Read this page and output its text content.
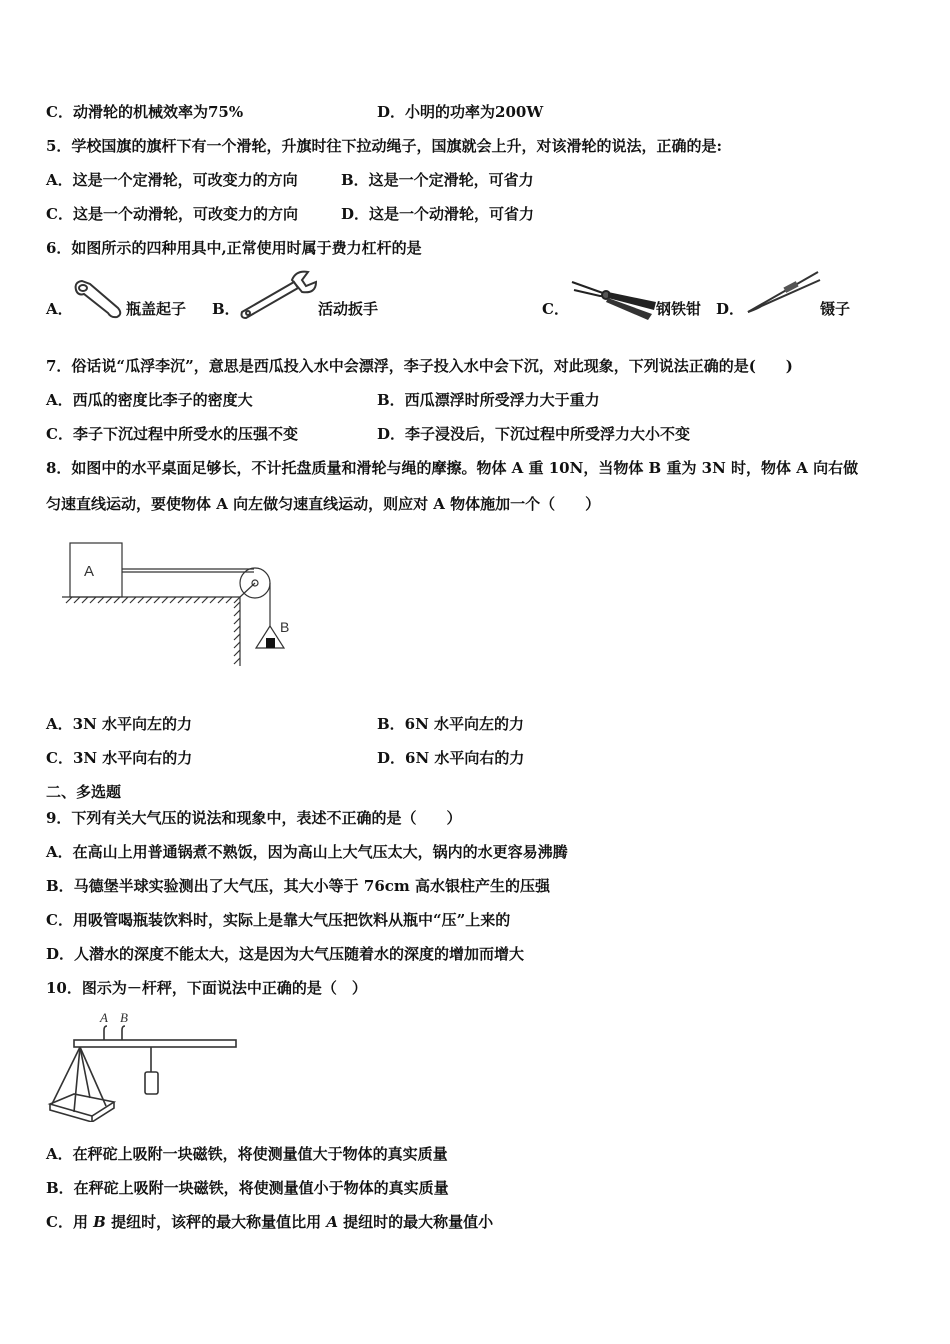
C．动滑轮的机械效率为75%	D．小明的功率为200W
5．学校国旗的旗杆下有一个滑轮，升旗时往下拉动绳子，国旗就会上升，对该滑轮的说法，正确的是:
A．这是一个定滑轮，可改变力的方向	B．这是一个定滑轮，可省力
C．这是一个动滑轮，可改变力的方向	D．这是一个动滑轮，可省力
6．如图所示的四种用具中,正常使用时属于费力杠杆的是
A．	瓶盖起子 B．	活动扳手	C．	钢铁钳 D．	镊子
7．俗话说“瓜浮李沉”，意思是西瓜投入水中会漂浮，李子投入水中会下沉，对此现象，下列说法正确的是(　　)
A．西瓜的密度比李子的密度大	B．西瓜漂浮时所受浮力大于重力
C．李子下沉过程中所受水的压强不变	D．李子浸没后，下沉过程中所受浮力大小不变
8．如图中的水平桌面足够长，不计托盘质量和滑轮与绳的摩擦。物体 A 重 10N，当物体 B 重为 3N 时，物体 A 向右做
匀速直线运动，要使物体 A 向左做匀速直线运动，则应对 A 物体施加一个（　　）
A
B
A．3N 水平向左的力	B．6N 水平向左的力
C．3N 水平向右的力	D．6N 水平向右的力
二、多选题
9．下列有关大气压的说法和现象中，表述不正确的是（　　）
A．在高山上用普通锅煮不熟饭，因为高山上大气压太大，锅内的水更容易沸腾
B．马德堡半球实验测出了大气压，其大小等于 76cm 高水银柱产生的压强
C．用吸管喝瓶装饮料时，实际上是靠大气压把饮料从瓶中“压”上来的
D．人潜水的深度不能太大，这是因为大气压随着水的深度的增加而增大
10．图示为－杆秤，下面说法中正确的是（　）
A B
A．在秤砣上吸附一块磁铁，将使测量值大于物体的真实质量
B．在秤砣上吸附一块磁铁，将使测量值小于物体的真实质量
C．用 B 提纽时，该秤的最大称量值比用 A 提纽时的最大称量值小
